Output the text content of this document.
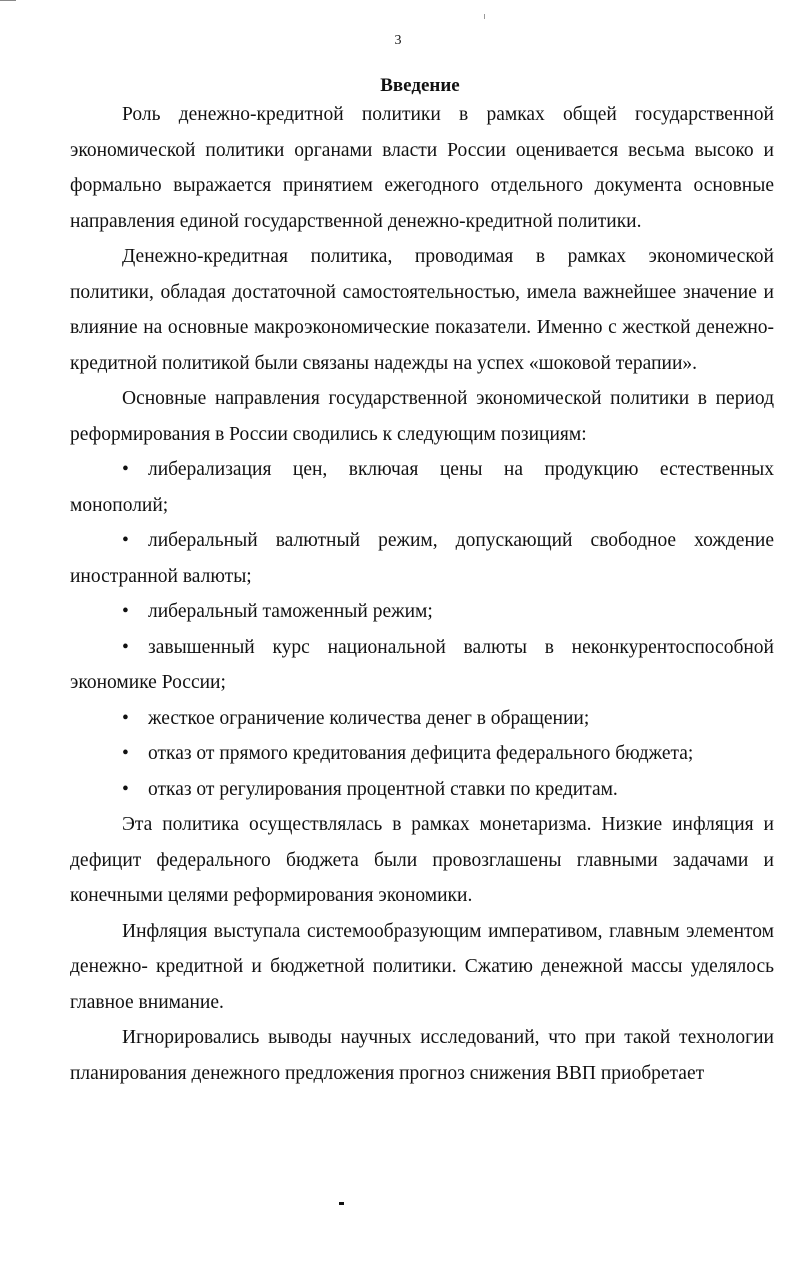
3
Введение

Роль денежно-кредитной политики в рамках общей государственной экономической политики органами власти России оценивается весьма высоко и формально выражается принятием ежегодного отдельного документа основные направления единой государственной денежно-кредитной политики.

Денежно-кредитная политика, проводимая в рамках экономической политики, обладая достаточной самостоятельностью, имела важнейшее значение и влияние на основные макроэкономические показатели. Именно с жесткой денежно-кредитной политикой были связаны надежды на успех «шоковой терапии».

Основные направления государственной экономической политики в период реформирования в России сводились к следующим позициям:

• либерализация цен, включая цены на продукцию естественных монополий;

• либеральный валютный режим, допускающий свободное хождение иностранной валюты;

• либеральный таможенный режим;

• завышенный курс национальной валюты в неконкурентоспособной экономике России;

• жесткое ограничение количества денег в обращении;

• отказ от прямого кредитования дефицита федерального бюджета;

• отказ от регулирования процентной ставки по кредитам.

Эта политика осуществлялась в рамках монетаризма. Низкие инфляция и дефицит федерального бюджета были провозглашены главными задачами и конечными целями реформирования экономики.

Инфляция выступала системообразующим императивом, главным элементом денежно- кредитной и бюджетной политики. Сжатию денежной массы уделялось главное внимание.

Игнорировались выводы научных исследований, что при такой технологии планирования денежного предложения прогноз снижения ВВП приобретает
